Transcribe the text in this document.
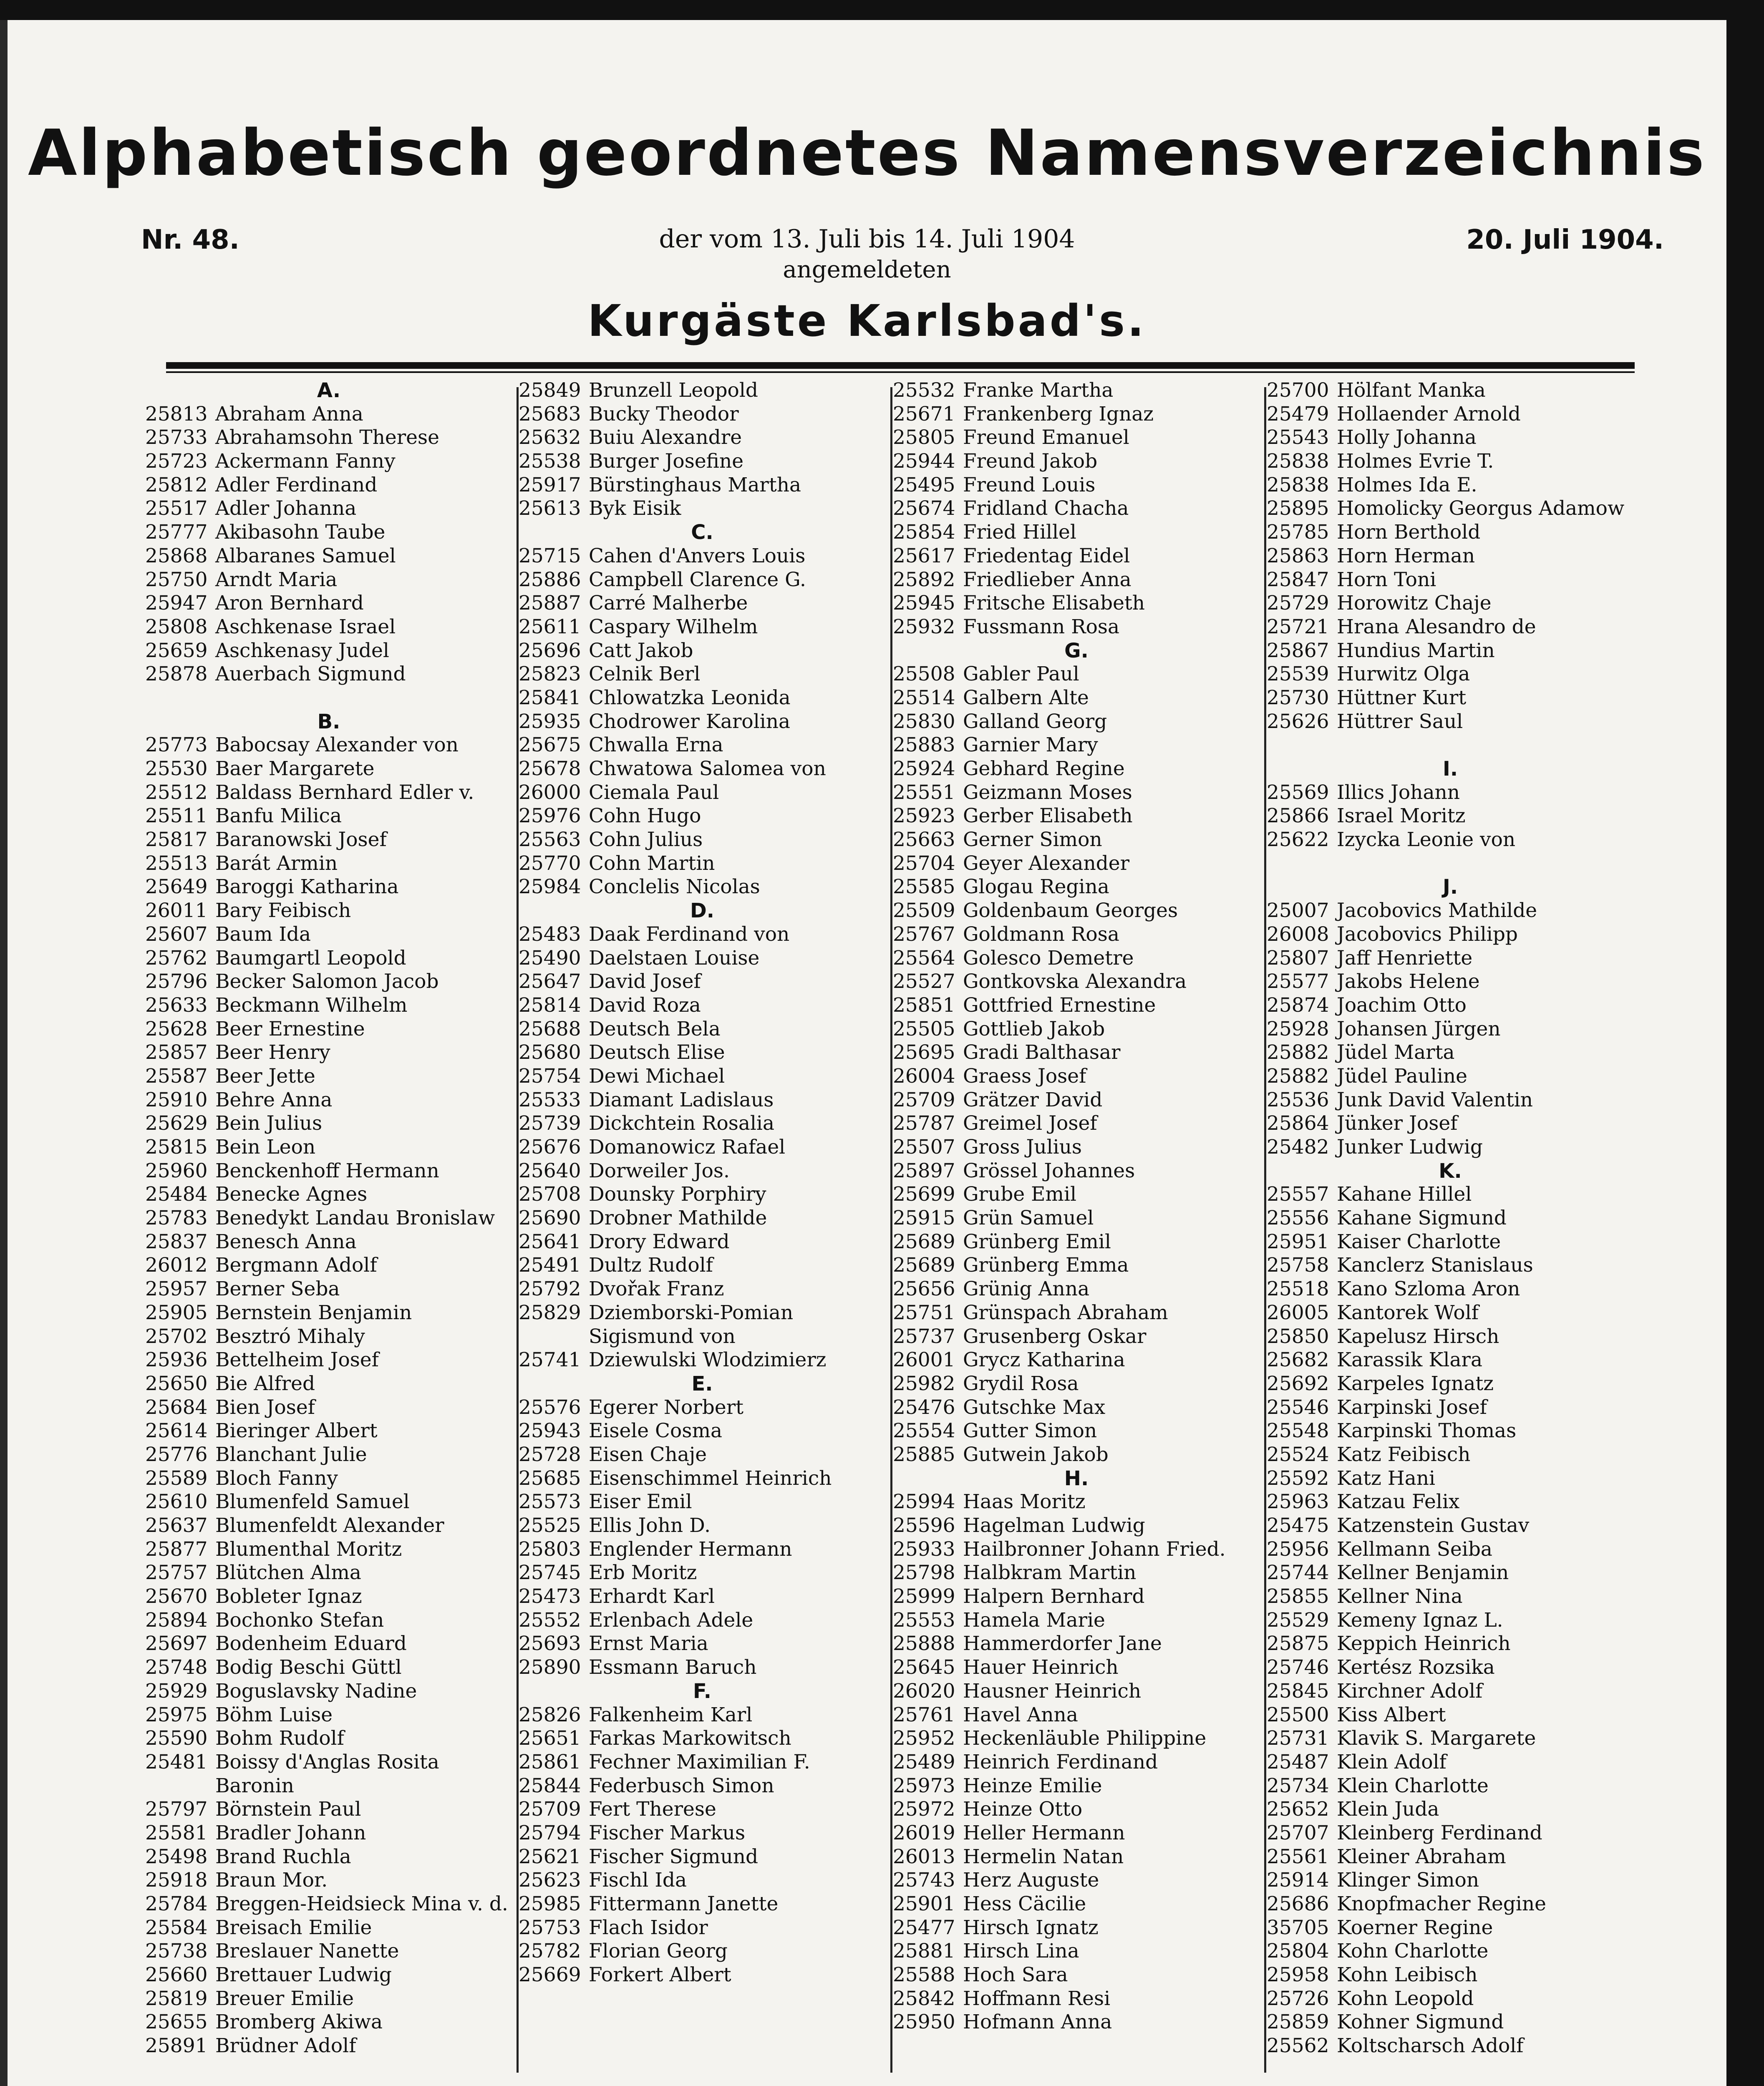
Alphabetisch geordnetes Namensverzeichnis
Nr. 48.	der vom 13. Juli bis 14. Juli 1904	20. Juli 1904.
angemeldeten
Kurgäste Karlsbad's.
A.
25813 Abraham Anna
25733 Abrahamsohn Therese
25723 Ackermann Fanny
25812 Adler Ferdinand
25517 Adler Johanna
25777 Akibasohn Taube
25868 Albaranes Samuel
25750 Arndt Maria
25947 Aron Bernhard
25808 Aschkenase Israel
25659 Aschkenasy Judel
25878 Auerbach Sigmund
B.
25773 Babocsay Alexander von
25530 Baer Margarete
25512 Baldass Bernhard Edler v.
25511 Banfu Milica
25817 Baranowski Josef
25513 Barát Armin
25649 Baroggi Katharina
26011 Bary Feibisch
25607 Baum Ida
25762 Baumgartl Leopold
25796 Becker Salomon Jacob
25633 Beckmann Wilhelm
25628 Beer Ernestine
25857 Beer Henry
25587 Beer Jette
25910 Behre Anna
25629 Bein Julius
25815 Bein Leon
25960 Benckenhoff Hermann
25484 Benecke Agnes
25783 Benedykt Landau Bronislaw
25837 Benesch Anna
26012 Bergmann Adolf
25957 Berner Seba
25905 Bernstein Benjamin
25702 Besztró Mihaly
25936 Bettelheim Josef
25650 Bie Alfred
25684 Bien Josef
25614 Bieringer Albert
25776 Blanchant Julie
25589 Bloch Fanny
25610 Blumenfeld Samuel
25637 Blumenfeldt Alexander
25877 Blumenthal Moritz
25757 Blütchen Alma
25670 Bobleter Ignaz
25894 Bochonko Stefan
25697 Bodenheim Eduard
25748 Bodig Beschi Güttl
25929 Boguslavsky Nadine
25975 Böhm Luise
25590 Bohm Rudolf
25481 Boissy d'Anglas Rosita
Baronin
25797 Börnstein Paul
25581 Bradler Johann
25498 Brand Ruchla
25918 Braun Mor.
25784 Breggen-Heidsieck Mina v. d.
25584 Breisach Emilie
25738 Breslauer Nanette
25660 Brettauer Ludwig
25819 Breuer Emilie
25655 Bromberg Akiwa
25891 Brüdner Adolf
25849 Brunzell Leopold
25683 Bucky Theodor
25632 Buiu Alexandre
25538 Burger Josefine
25917 Bürstinghaus Martha
25613 Byk Eisik
C.
25715 Cahen d'Anvers Louis
25886 Campbell Clarence G.
25887 Carré Malherbe
25611 Caspary Wilhelm
25696 Catt Jakob
25823 Celnik Berl
25841 Chlowatzka Leonida
25935 Chodrower Karolina
25675 Chwalla Erna
25678 Chwatowa Salomea von
26000 Ciemala Paul
25976 Cohn Hugo
25563 Cohn Julius
25770 Cohn Martin
25984 Conclelis Nicolas
D.
25483 Daak Ferdinand von
25490 Daelstaen Louise
25647 David Josef
25814 David Roza
25688 Deutsch Bela
25680 Deutsch Elise
25754 Dewi Michael
25533 Diamant Ladislaus
25739 Dickchtein Rosalia
25676 Domanowicz Rafael
25640 Dorweiler Jos.
25708 Dounsky Porphiry
25690 Drobner Mathilde
25641 Drory Edward
25491 Dultz Rudolf
25792 Dvořak Franz
25829 Dziemborski-Pomian
Sigismund von
25741 Dziewulski Wlodzimierz
E.
25576 Egerer Norbert
25943 Eisele Cosma
25728 Eisen Chaje
25685 Eisenschimmel Heinrich
25573 Eiser Emil
25525 Ellis John D.
25803 Englender Hermann
25745 Erb Moritz
25473 Erhardt Karl
25552 Erlenbach Adele
25693 Ernst Maria
25890 Essmann Baruch
F.
25826 Falkenheim Karl
25651 Farkas Markowitsch
25861 Fechner Maximilian F.
25844 Federbusch Simon
25709 Fert Therese
25794 Fischer Markus
25621 Fischer Sigmund
25623 Fischl Ida
25985 Fittermann Janette
25753 Flach Isidor
25782 Florian Georg
25669 Forkert Albert
25532 Franke Martha
25671 Frankenberg Ignaz
25805 Freund Emanuel
25944 Freund Jakob
25495 Freund Louis
25674 Fridland Chacha
25854 Fried Hillel
25617 Friedentag Eidel
25892 Friedlieber Anna
25945 Fritsche Elisabeth
25932 Fussmann Rosa
G.
25508 Gabler Paul
25514 Galbern Alte
25830 Galland Georg
25883 Garnier Mary
25924 Gebhard Regine
25551 Geizmann Moses
25923 Gerber Elisabeth
25663 Gerner Simon
25704 Geyer Alexander
25585 Glogau Regina
25509 Goldenbaum Georges
25767 Goldmann Rosa
25564 Golesco Demetre
25527 Gontkovska Alexandra
25851 Gottfried Ernestine
25505 Gottlieb Jakob
25695 Gradi Balthasar
26004 Graess Josef
25709 Grätzer David
25787 Greimel Josef
25507 Gross Julius
25897 Grössel Johannes
25699 Grube Emil
25915 Grün Samuel
25689 Grünberg Emil
25689 Grünberg Emma
25656 Grünig Anna
25751 Grünspach Abraham
25737 Grusenberg Oskar
26001 Grycz Katharina
25982 Grydil Rosa
25476 Gutschke Max
25554 Gutter Simon
25885 Gutwein Jakob
H.
25994 Haas Moritz
25596 Hagelman Ludwig
25933 Hailbronner Johann Fried.
25798 Halbkram Martin
25999 Halpern Bernhard
25553 Hamela Marie
25888 Hammerdorfer Jane
25645 Hauer Heinrich
26020 Hausner Heinrich
25761 Havel Anna
25952 Heckenläuble Philippine
25489 Heinrich Ferdinand
25973 Heinze Emilie
25972 Heinze Otto
26019 Heller Hermann
26013 Hermelin Natan
25743 Herz Auguste
25901 Hess Cäcilie
25477 Hirsch Ignatz
25881 Hirsch Lina
25588 Hoch Sara
25842 Hoffmann Resi
25950 Hofmann Anna
25700 Hölfant Manka
25479 Hollaender Arnold
25543 Holly Johanna
25838 Holmes Evrie T.
25838 Holmes Ida E.
25895 Homolicky Georgus Adamow
25785 Horn Berthold
25863 Horn Herman
25847 Horn Toni
25729 Horowitz Chaje
25721 Hrana Alesandro de
25867 Hundius Martin
25539 Hurwitz Olga
25730 Hüttner Kurt
25626 Hüttrer Saul
I.
25569 Illics Johann
25866 Israel Moritz
25622 Izycka Leonie von
J.
25007 Jacobovics Mathilde
26008 Jacobovics Philipp
25807 Jaff Henriette
25577 Jakobs Helene
25874 Joachim Otto
25928 Johansen Jürgen
25882 Jüdel Marta
25882 Jüdel Pauline
25536 Junk David Valentin
25864 Jünker Josef
25482 Junker Ludwig
K.
25557 Kahane Hillel
25556 Kahane Sigmund
25951 Kaiser Charlotte
25758 Kanclerz Stanislaus
25518 Kano Szloma Aron
26005 Kantorek Wolf
25850 Kapelusz Hirsch
25682 Karassik Klara
25692 Karpeles Ignatz
25546 Karpinski Josef
25548 Karpinski Thomas
25524 Katz Feibisch
25592 Katz Hani
25963 Katzau Felix
25475 Katzenstein Gustav
25956 Kellmann Seiba
25744 Kellner Benjamin
25855 Kellner Nina
25529 Kemeny Ignaz L.
25875 Keppich Heinrich
25746 Kertész Rozsika
25845 Kirchner Adolf
25500 Kiss Albert
25731 Klavik S. Margarete
25487 Klein Adolf
25734 Klein Charlotte
25652 Klein Juda
25707 Kleinberg Ferdinand
25561 Kleiner Abraham
25914 Klinger Simon
25686 Knopfmacher Regine
35705 Koerner Regine
25804 Kohn Charlotte
25958 Kohn Leibisch
25726 Kohn Leopold
25859 Kohner Sigmund
25562 Koltscharsch Adolf
